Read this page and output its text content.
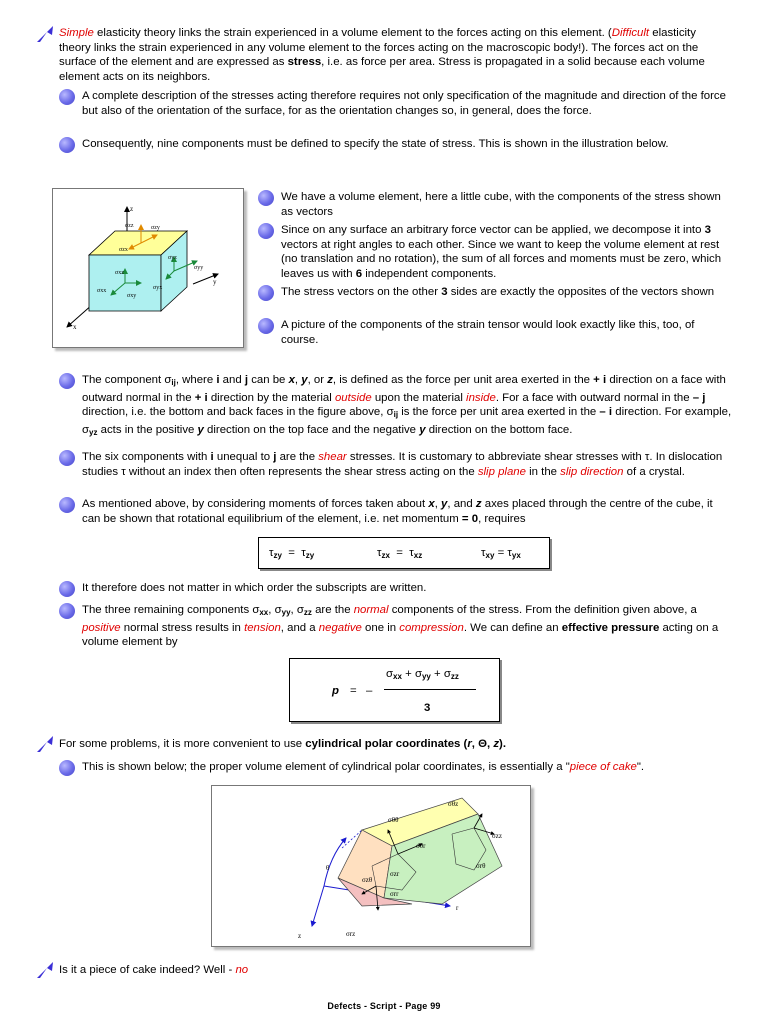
Simple elasticity theory links the strain experienced in a volume element to the forces acting on this element. (Difficult elasticity theory links the strain experienced in any volume element to the forces acting on the macroscopic body!). The forces act on the surface of the element and are expressed as stress, i.e. as force per area. Stress is propagated in a solid because each volume element acts on its neighbors.
A complete description of the stresses acting therefore requires not only specification of the magnitude and direction of the force but also of the orientation of the surface, for as the orientation changes so, in general, does the force.
Consequently, nine components must be defined to specify the state of stress. This is shown in the illustration below.
z
y
x
σzz
σzx
σzy
σyz
σyx
σyy
σxz
σxy
σxx
We have a volume element, here a little cube, with the components of the stress shown as vectors
Since on any surface an arbitrary force vector can be applied, we decompose it into 3 vectors at right angles to each other. Since we want to keep the volume element at rest (no translation and no rotation), the sum of all forces and moments must be zero, which leaves us with 6 independent components.
The stress vectors on the other 3 sides are exactly the opposites of the vectors shown
A picture of the components of the strain tensor would look exactly like this, too, of course.
The component $\sigma_{ij}$, where i and j can be x, y, or z, is defined as the force per unit area exerted in the + i direction on a face with outward normal in the + i direction by the material outside upon the material inside. For a face with outward normal in the – j direction, i.e. the bottom and back faces in the figure above, $\sigma_{ij}$ is the force per unit area exerted in the – i direction. For example, $\sigma_{yz}$ acts in the positive y direction on the top face and the negative y direction on the bottom face.
The six components with i unequal to j are the shear stresses. It is customary to abbreviate shear stresses with τ. In dislocation studies τ without an index then often represents the shear stress acting on the slip plane in the slip direction of a crystal.
As mentioned above, by considering moments of forces taken about x, y, and z axes placed through the centre of the cube, it can be shown that rotational equilibrium of the element, i.e. net momentum = 0, requires
$\tau_{zy} = \tau_{zy}$	$\tau_{zx} = \tau_{xz}$	$\tau_{xy} = \tau_{yx}$
It therefore does not matter in which order the subscripts are written.
The three remaining components $\sigma_{xx}$, $\sigma_{yy}$, $\sigma_{zz}$ are the normal components of the stress. From the definition given above, a positive normal stress results in tension, and a negative one in compression. We can define an effective pressure acting on a volume element by
p = –
$\sigma_{xx} + \sigma_{yy} + \sigma_{zz}$
3
For some problems, it is more convenient to use cylindrical polar coordinates (r, Θ, z).
This is shown below; the proper volume element of cylindrical polar coordinates, is essentially a "piece of cake".
σθθ
σθz
σθr
σzz
σzθ
σzr
σrθ
σrr
σrz
θ
r
z
Is it a piece of cake indeed? Well - no
Defects - Script - Page 99
